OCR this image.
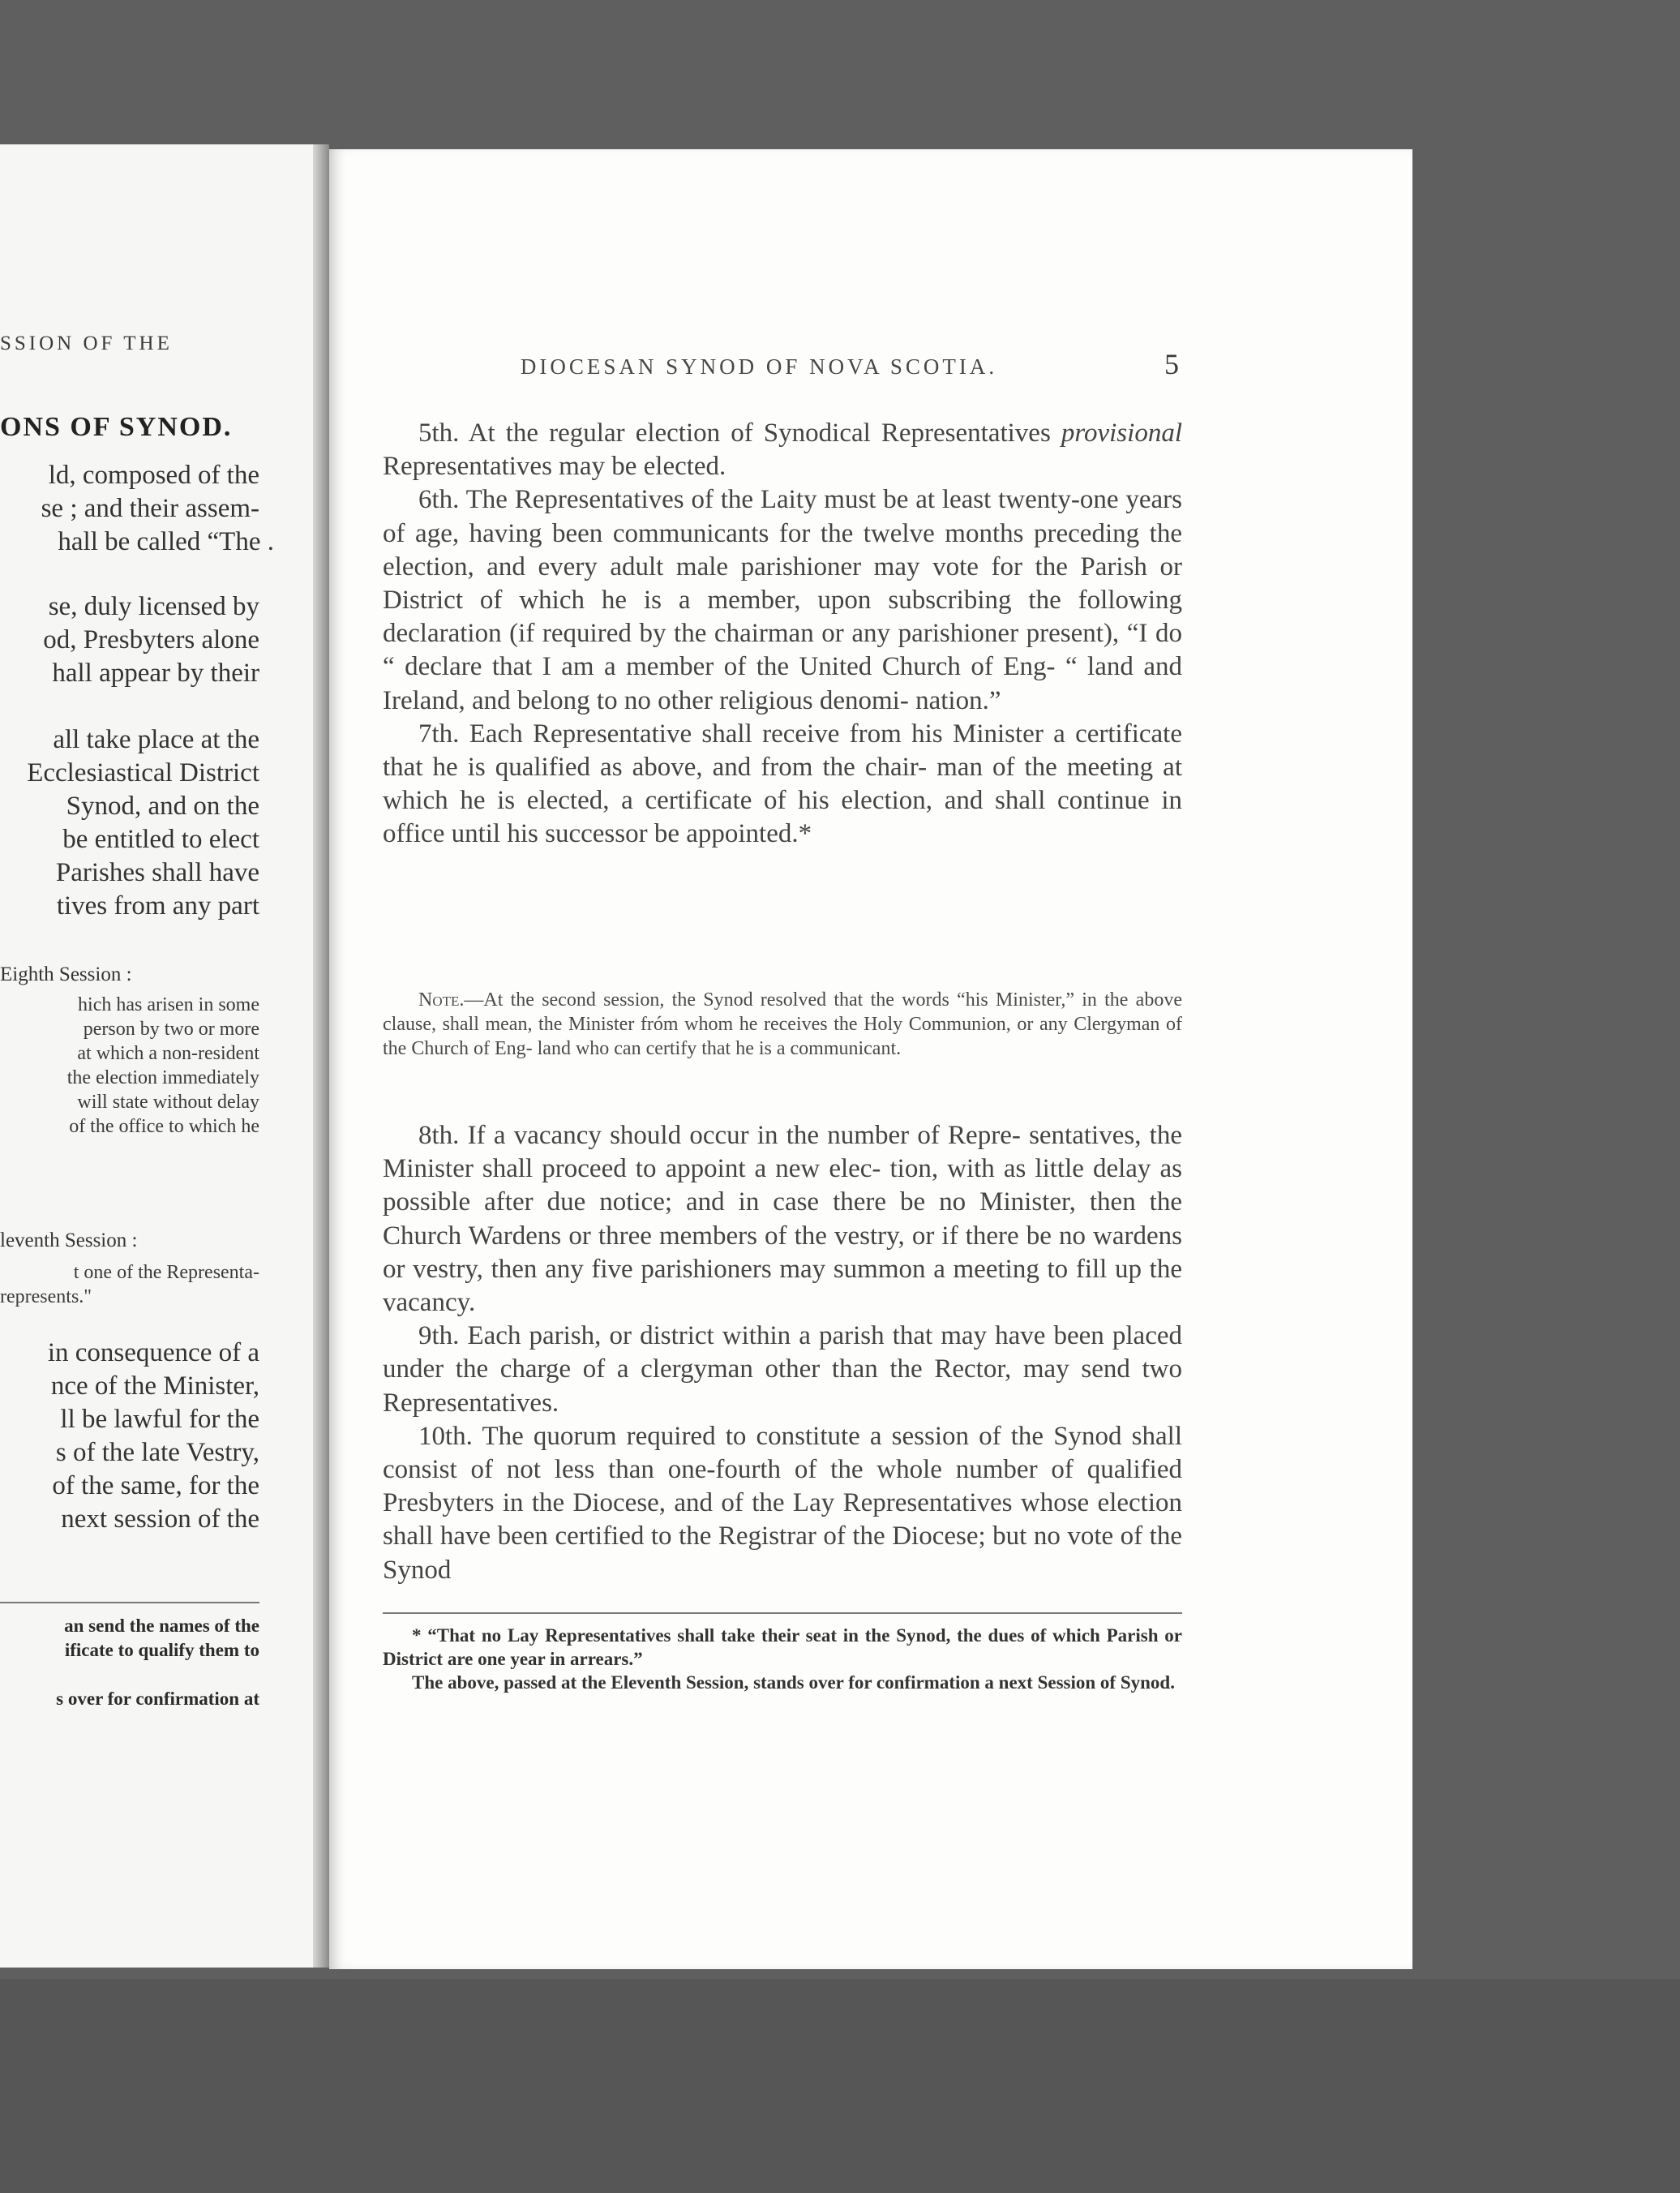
SSION OF THE
ONS OF SYNOD.
ld, composed of the
se ; and their assem-
hall be called “The .
se, duly licensed by
od, Presbyters alone
hall appear by their
all take place at the
Ecclesiastical District
Synod, and on the
be entitled to elect
Parishes shall have
tives from any part
Eighth Session :
hich has arisen in some
person by two or more
at which a non-resident
the election immediately
will state without delay
of the office to which he
leventh Session :
t one of the Representa-
represents."
in consequence of a
nce of the Minister,
ll be lawful for the
s of the late Vestry,
of the same, for the
next session of the
an send the names of the
ificate to qualify them to
s over for confirmation at
DIOCESAN SYNOD OF NOVA SCOTIA.	5

5th. At the regular election of Synodical Representatives provisional Representatives may be elected.

6th. The Representatives of the Laity must be at least twenty-one years of age, having been communicants for the twelve months preceding the election, and every adult male parishioner may vote for the Parish or District of which he is a member, upon subscribing the following declaration (if required by the chairman or any parishioner present), “I do “ declare that I am a member of the United Church of Eng- “ land and Ireland, and belong to no other religious denomi- nation.”

7th. Each Representative shall receive from his Minister a certificate that he is qualified as above, and from the chair- man of the meeting at which he is elected, a certificate of his election, and shall continue in office until his successor be appointed.*

Note.—At the second session, the Synod resolved that the words “his Minister,” in the above clause, shall mean, the Minister fróm whom he receives the Holy Communion, or any Clergyman of the Church of Eng- land who can certify that he is a communicant.

8th. If a vacancy should occur in the number of Repre- sentatives, the Minister shall proceed to appoint a new elec- tion, with as little delay as possible after due notice; and in case there be no Minister, then the Church Wardens or three members of the vestry, or if there be no wardens or vestry, then any five parishioners may summon a meeting to fill up the vacancy.

9th. Each parish, or district within a parish that may have been placed under the charge of a clergyman other than the Rector, may send two Representatives.

10th. The quorum required to constitute a session of the Synod shall consist of not less than one-fourth of the whole number of qualified Presbyters in the Diocese, and of the Lay Representatives whose election shall have been certified to the Registrar of the Diocese; but no vote of the Synod

* “That no Lay Representatives shall take their seat in the Synod, the dues of which Parish or District are one year in arrears.”
The above, passed at the Eleventh Session, stands over for confirmation a next Session of Synod.
